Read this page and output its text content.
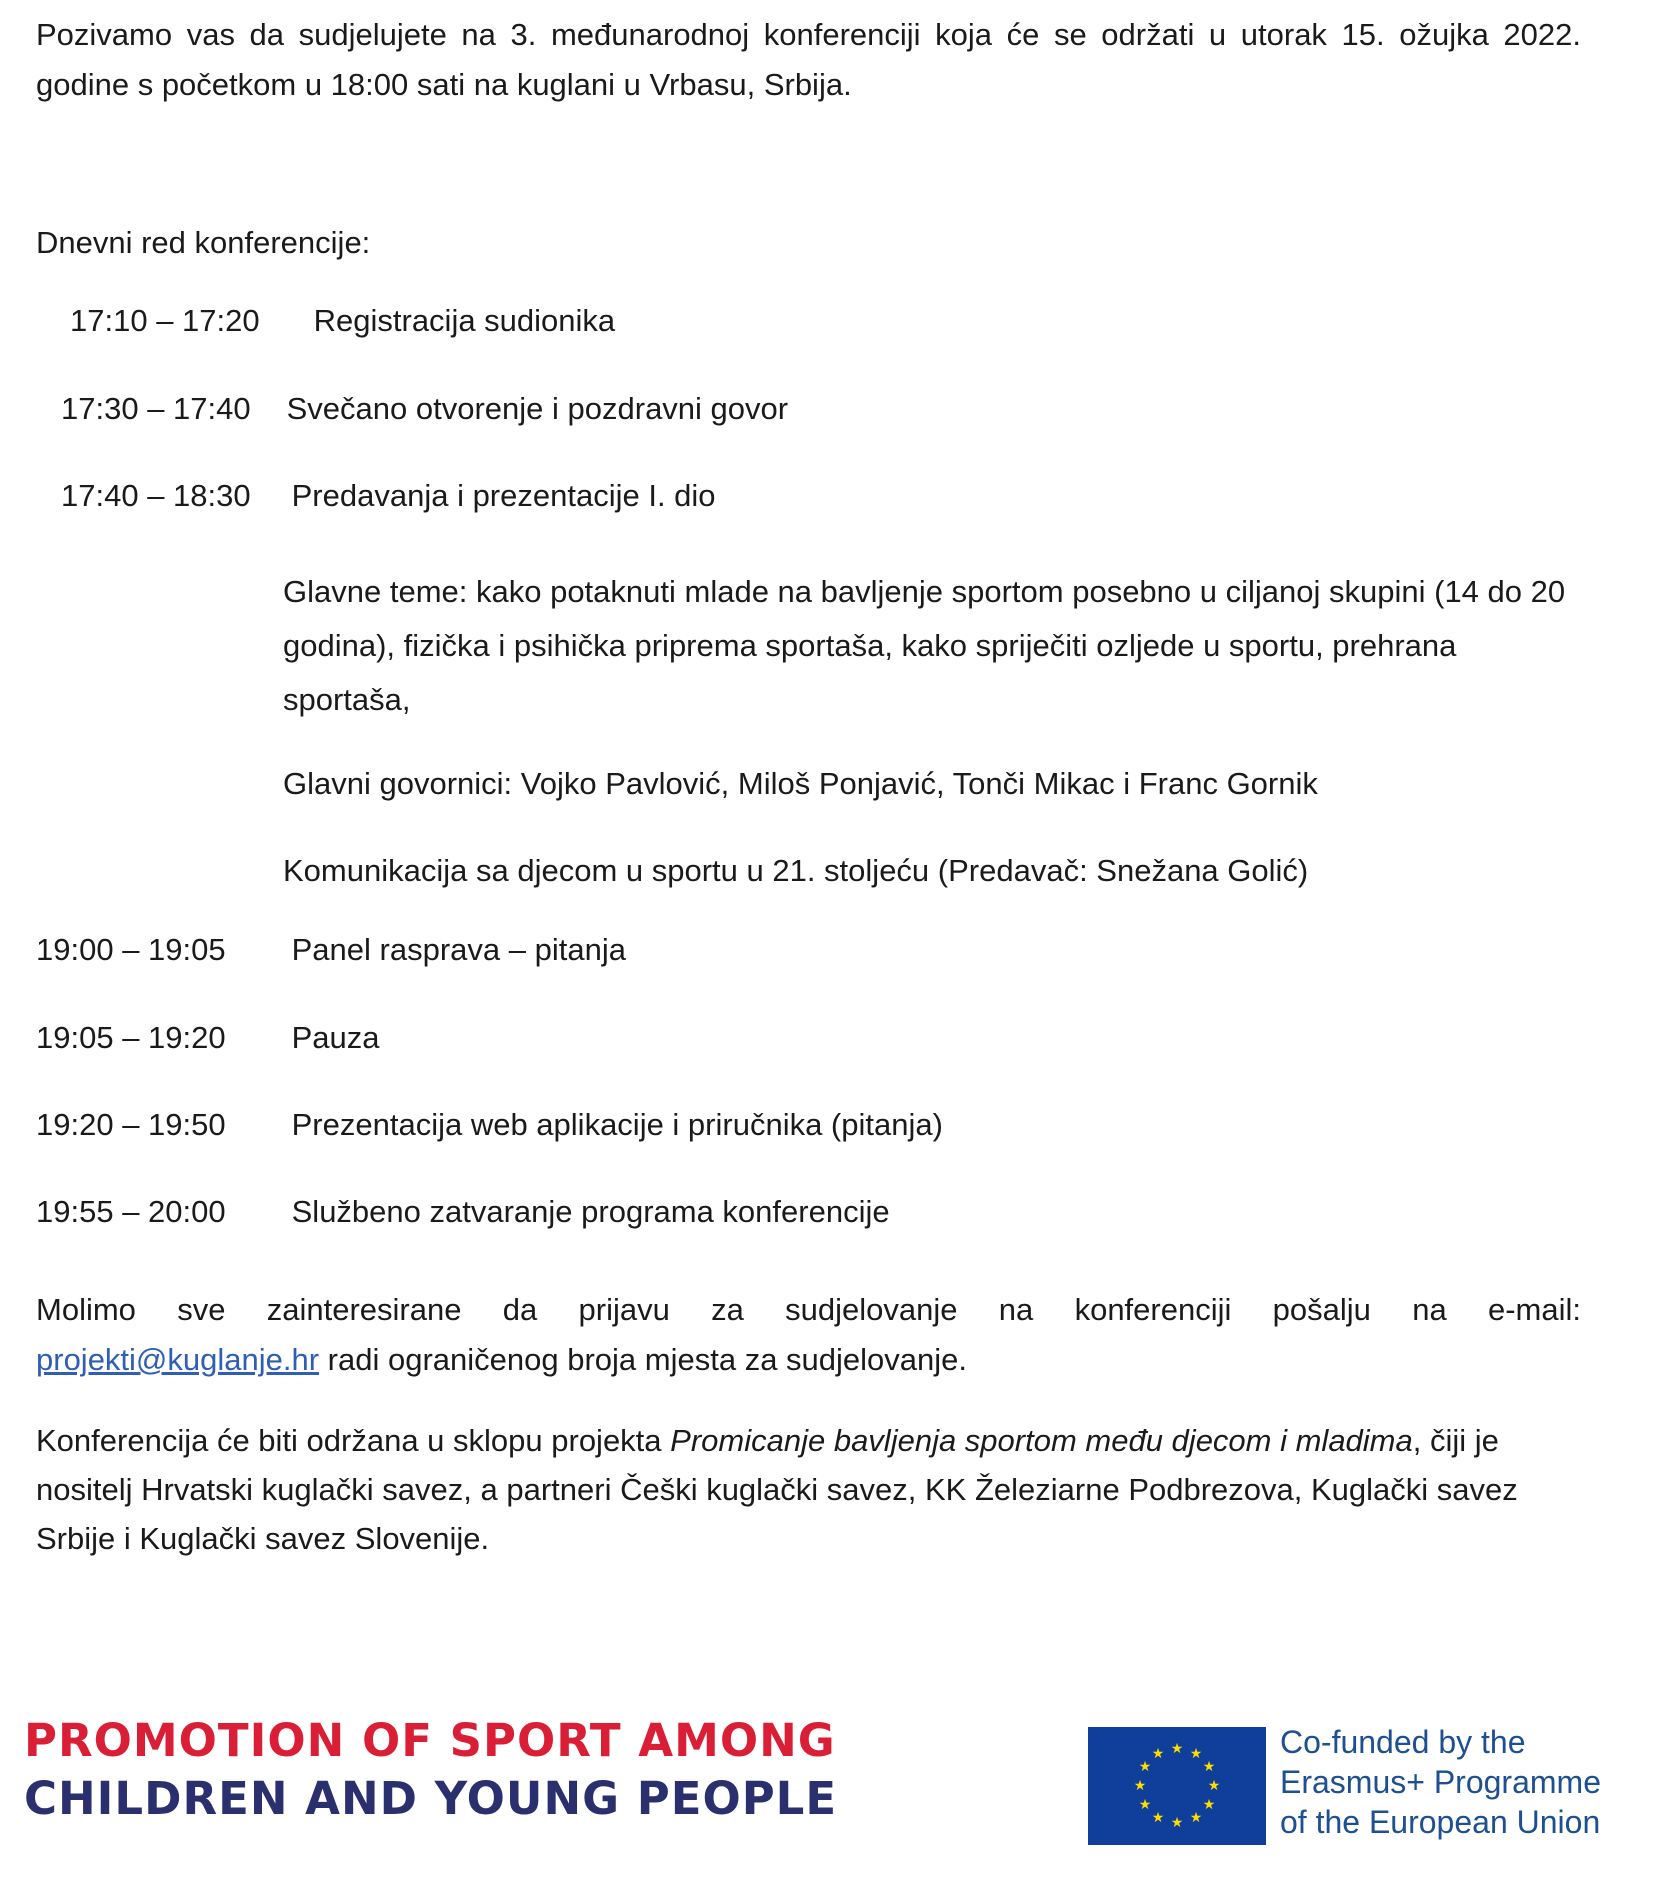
Pozivamo vas da sudjelujete na 3. međunarodnoj konferenciji koja će se održati u utorak 15. ožujka 2022. godine s početkom u 18:00 sati na kuglani u Vrbasu, Srbija.
Dnevni red konferencije:
17:10 – 17:20 Registracija sudionika
17:30 – 17:40 Svečano otvorenje i pozdravni govor
17:40 – 18:30 Predavanja i prezentacije I. dio
Glavne teme: kako potaknuti mlade na bavljenje sportom posebno u ciljanoj skupini (14 do 20 godina), fizička i psihička priprema sportaša, kako spriječiti ozljede u sportu, prehrana sportaša,
Glavni govornici: Vojko Pavlović, Miloš Ponjavić, Tonči Mikac i Franc Gornik
Komunikacija sa djecom u sportu u 21. stoljeću (Predavač: Snežana Golić)
19:00 – 19:05 Panel rasprava – pitanja
19:05 – 19:20 Pauza
19:20 – 19:50 Prezentacija web aplikacije i priručnika (pitanja)
19:55 – 20:00 Službeno zatvaranje programa konferencije
Molimo sve zainteresirane da prijavu za sudjelovanje na konferenciji pošalju na e-mail:
projekti@kuglanje.hr radi ograničenog broja mjesta za sudjelovanje.
Konferencija će biti održana u sklopu projekta Promicanje bavljenja sportom među djecom i mladima, čiji je nositelj Hrvatski kuglački savez, a partneri Češki kuglački savez, KK Železiarne Podbrezova, Kuglački savez Srbije i Kuglački savez Slovenije.
PROMOTION OF SPORT AMONG
CHILDREN AND YOUNG PEOPLE
★ ★
★
★
★
★
★
★
★
★
★
★	Co-funded by the
Erasmus+ Programme
of the European Union
